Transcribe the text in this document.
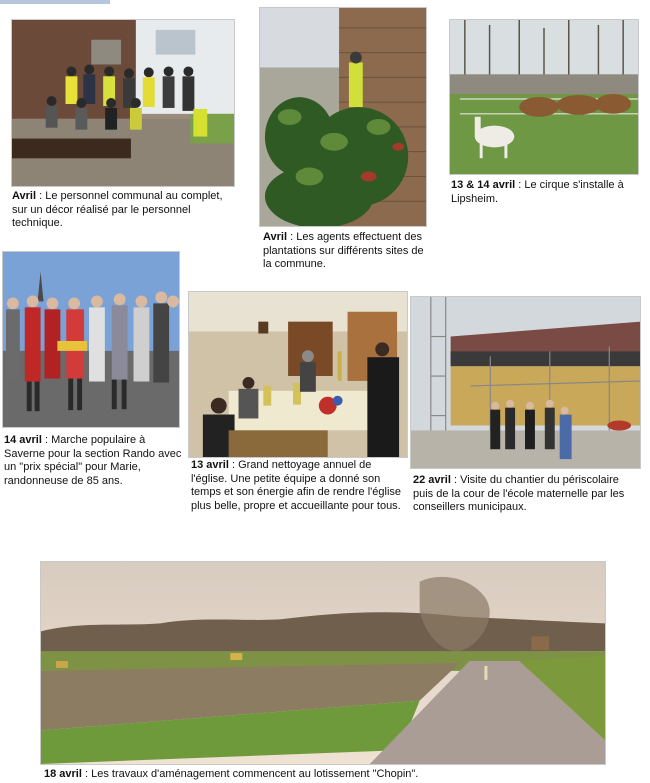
Avril : Le personnel communal au complet, sur un décor réalisé par le personnel technique.

Avril : Les agents effectuent des plantations sur différents sites de la commune.

13 & 14 avril : Le cirque s'installe à Lipsheim.

14 avril : Marche populaire à Saverne pour la section Rando avec un "prix spécial" pour Marie, randonneuse de 85 ans.

13 avril : Grand nettoyage annuel de l'église. Une petite équipe a donné son temps et son énergie afin de rendre l'église plus belle, propre et accueillante pour tous.

22 avril : Visite du chantier du périscolaire puis de la cour de l'école maternelle par les conseillers municipaux.

18 avril : Les travaux d'aménagement commencent au lotissement "Chopin".
